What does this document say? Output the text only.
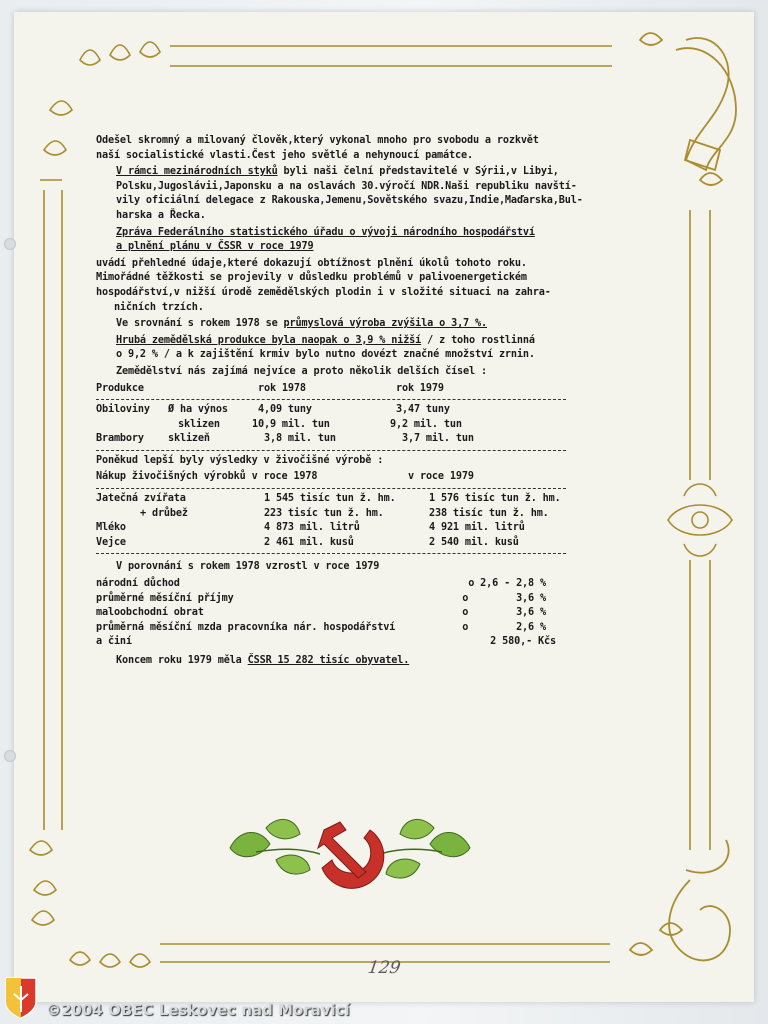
Odešel skromný a milovaný člověk,který vykonal mnoho pro svobodu a rozkvět
naší socialistické vlasti.Čest jeho světlé a nehynoucí památce.

V rámci mezinárodních styků byli naši čelní představitelé v Sýrii,v Libyi,
Polsku,Jugoslávii,Japonsku a na oslavách 30.výročí NDR.Naši republiku navští-
vily oficiální delegace z Rakouska,Jemenu,Sovětského svazu,Indie,Maďarska,Bul-
harska a Řecka.

Zpráva Federálního statistického úřadu o vývoji národního hospodářství
a plnění plánu v ČSSR v roce 1979

uvádí přehledné údaje,které dokazují obtížnost plnění úkolů tohoto roku.
Mimořádné těžkosti se projevily v důsledku problémů v palivoenergetickém
hospodářství,v nižší úrodě zemědělských plodin i v složité situaci na zahra-
ničních trzích.

Ve srovnání s rokem 1978 se průmyslová výroba zvýšila o 3,7 %.

Hrubá zemědělská produkce byla naopak o 3,9 % nižší / z toho rostlinná
o 9,2 % / a k zajištění krmiv bylo nutno dovézt značné množství zrnin.

Zemědělství nás zajímá nejvíce a proto několik delších čísel :

Produkce	rok 1978	rok 1979
Obiloviny	Ø ha výnos	4,09 tuny	3,47 tuny
sklizen	10,9 mil. tun	9,2 mil. tun
Brambory	sklizeň	3,8 mil. tun	3,7 mil. tun

Poněkud lepší byly výsledky v živočišné výrobě :

Nákup živočišných výrobků v roce 1978	v roce 1979
Jatečná zvířata	1 545 tisíc tun ž. hm.	1 576 tisíc tun ž. hm.
+ drůbež	223 tisíc tun ž. hm.	238 tisíc tun ž. hm.
Mléko	4 873 mil. litrů	4 921 mil. litrů
Vejce	2 461 mil. kusů	2 540 mil. kusů

V porovnání s rokem 1978 vzrostl v roce 1979

národní důchod	o 2,6 - 2,8 %
průměrné měsíční příjmy	o        3,6 %
maloobchodní obrat	o        3,6 %
průměrná měsíční mzda pracovníka nár. hospodářství	o        2,6 %
a činí	2 580,- Kčs

Koncem roku 1979 měla ČSSR 15 282 tisíc obyvatel.

129
©2004 OBEC Leskovec nad Moravicí
